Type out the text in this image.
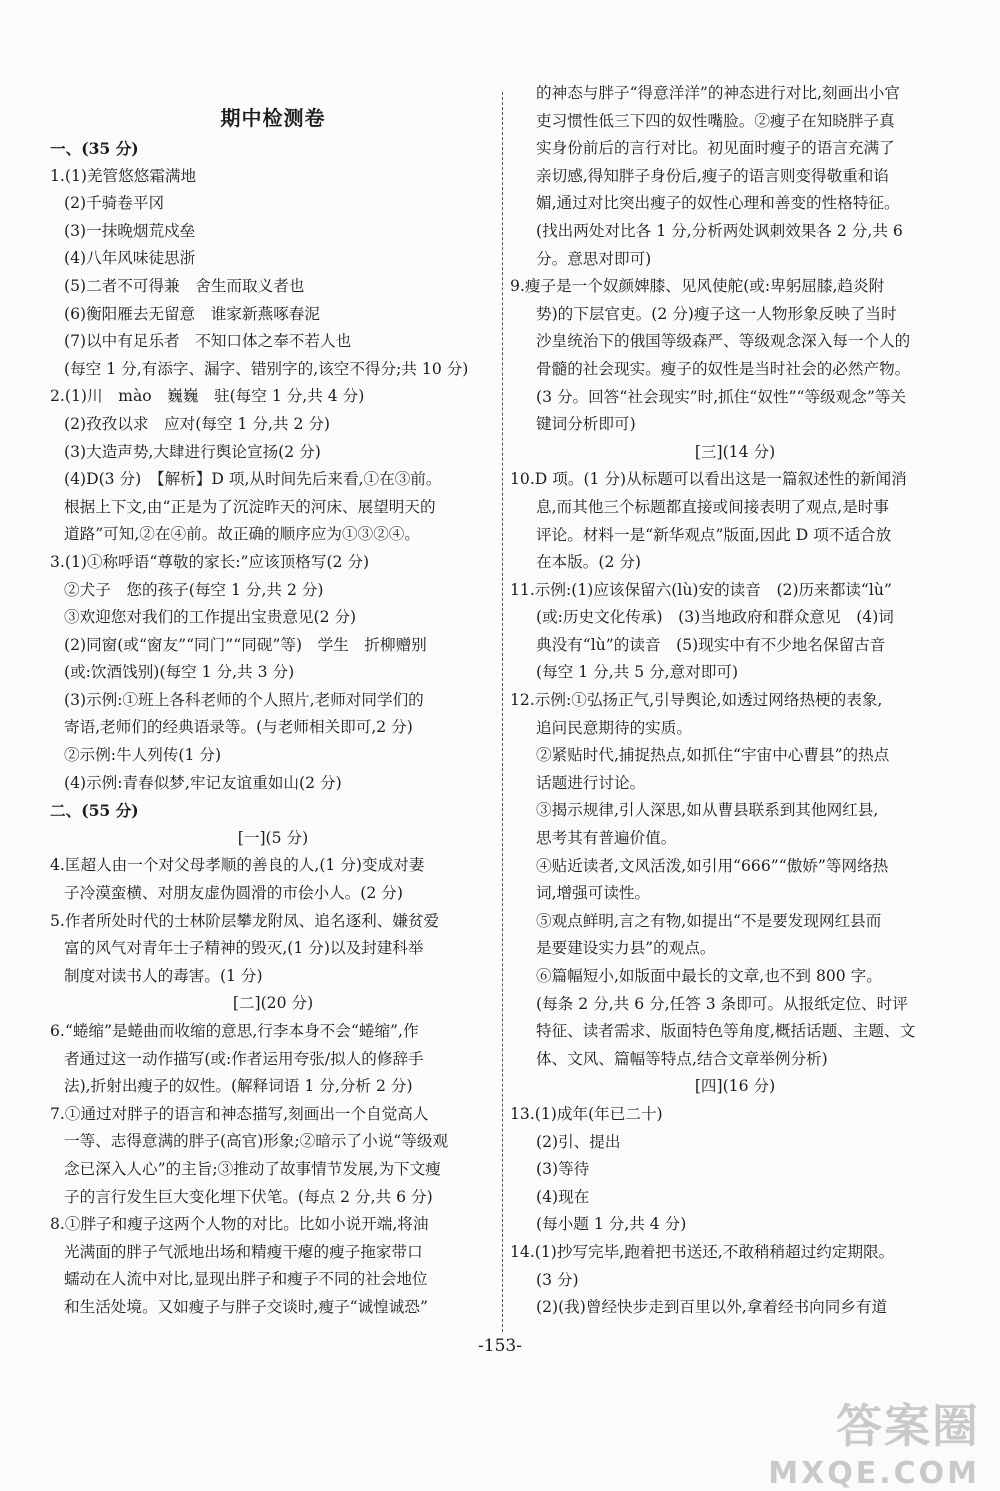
期中检测卷
一、(35 分)
1.(1)羌管悠悠霜满地
(2)千骑卷平冈
(3)一抹晚烟荒戍垒
(4)八年风味徒思浙
(5)二者不可得兼　舍生而取义者也
(6)衡阳雁去无留意　谁家新燕啄春泥
(7)以中有足乐者　不知口体之奉不若人也
(每空 1 分,有添字、漏字、错别字的,该空不得分;共 10 分)
2.(1)川　mào　巍巍　驻(每空 1 分,共 4 分)
(2)孜孜以求　应对(每空 1 分,共 2 分)
(3)大造声势,大肆进行舆论宣扬(2 分)
(4)D(3 分)　【解析】D 项,从时间先后来看,①在③前。
根据上下文,由“正是为了沉淀昨天的河床、展望明天的
道路”可知,②在④前。故正确的顺序应为①③②④。
3.(1)①称呼语“尊敬的家长:”应该顶格写(2 分)
②犬子　您的孩子(每空 1 分,共 2 分)
③欢迎您对我们的工作提出宝贵意见(2 分)
(2)同窗(或“窗友”“同门”“同砚”等)　学生　折柳赠别
(或:饮酒饯别)(每空 1 分,共 3 分)
(3)示例:①班上各科老师的个人照片,老师对同学们的
寄语,老师们的经典语录等。(与老师相关即可,2 分)
②示例:牛人列传(1 分)
(4)示例:青春似梦,牢记友谊重如山(2 分)
二、(55 分)
[一](5 分)
4.匡超人由一个对父母孝顺的善良的人,(1 分)变成对妻
子冷漠蛮横、对朋友虚伪圆滑的市侩小人。(2 分)
5.作者所处时代的士林阶层攀龙附凤、追名逐利、嫌贫爱
富的风气对青年士子精神的毁灭,(1 分)以及封建科举
制度对读书人的毒害。(1 分)
[二](20 分)
6.“蜷缩”是蜷曲而收缩的意思,行李本身不会“蜷缩”,作
者通过这一动作描写(或:作者运用夸张/拟人的修辞手
法),折射出瘦子的奴性。(解释词语 1 分,分析 2 分)
7.①通过对胖子的语言和神态描写,刻画出一个自觉高人
一等、志得意满的胖子(高官)形象;②暗示了小说“等级观
念已深入人心”的主旨;③推动了故事情节发展,为下文瘦
子的言行发生巨大变化埋下伏笔。(每点 2 分,共 6 分)
8.①胖子和瘦子这两个人物的对比。比如小说开端,将油
光满面的胖子气派地出场和精瘦干瘪的瘦子拖家带口
蠕动在人流中对比,显现出胖子和瘦子不同的社会地位
和生活处境。又如瘦子与胖子交谈时,瘦子“诚惶诚恐”
的神态与胖子“得意洋洋”的神态进行对比,刻画出小官
吏习惯性低三下四的奴性嘴脸。②瘦子在知晓胖子真
实身份前后的言行对比。初见面时瘦子的语言充满了
亲切感,得知胖子身份后,瘦子的语言则变得敬重和谄
媚,通过对比突出瘦子的奴性心理和善变的性格特征。
(找出两处对比各 1 分,分析两处讽刺效果各 2 分,共 6
分。意思对即可)
9.瘦子是一个奴颜婢膝、见风使舵(或:卑躬屈膝,趋炎附
势)的下层官吏。(2 分)瘦子这一人物形象反映了当时
沙皇统治下的俄国等级森严、等级观念深入每一个人的
骨髓的社会现实。瘦子的奴性是当时社会的必然产物。
(3 分。回答“社会现实”时,抓住“奴性”“等级观念”等关
键词分析即可)
[三](14 分)
10.D 项。(1 分)从标题可以看出这是一篇叙述性的新闻消
息,而其他三个标题都直接或间接表明了观点,是时事
评论。材料一是“新华观点”版面,因此 D 项不适合放
在本版。(2 分)
11.示例:(1)应该保留六(lù)安的读音　(2)历来都读“lù”
(或:历史文化传承)　(3)当地政府和群众意见　(4)词
典没有“lù”的读音　(5)现实中有不少地名保留古音
(每空 1 分,共 5 分,意对即可)
12.示例:①弘扬正气,引导舆论,如透过网络热梗的表象,
追问民意期待的实质。
②紧贴时代,捕捉热点,如抓住“宇宙中心曹县”的热点
话题进行讨论。
③揭示规律,引人深思,如从曹县联系到其他网红县,
思考其有普遍价值。
④贴近读者,文风活泼,如引用“666”“傲娇”等网络热
词,增强可读性。
⑤观点鲜明,言之有物,如提出“不是要发现网红县而
是要建设实力县”的观点。
⑥篇幅短小,如版面中最长的文章,也不到 800 字。
(每条 2 分,共 6 分,任答 3 条即可。从报纸定位、时评
特征、读者需求、版面特色等角度,概括话题、主题、文
体、文风、篇幅等特点,结合文章举例分析)
[四](16 分)
13.(1)成年(年已二十)
(2)引、提出
(3)等待
(4)现在
(每小题 1 分,共 4 分)
14.(1)抄写完毕,跑着把书送还,不敢稍稍超过约定期限。
(3 分)
(2)(我)曾经快步走到百里以外,拿着经书向同乡有道
-153-
答案圈
MXQE.COM
